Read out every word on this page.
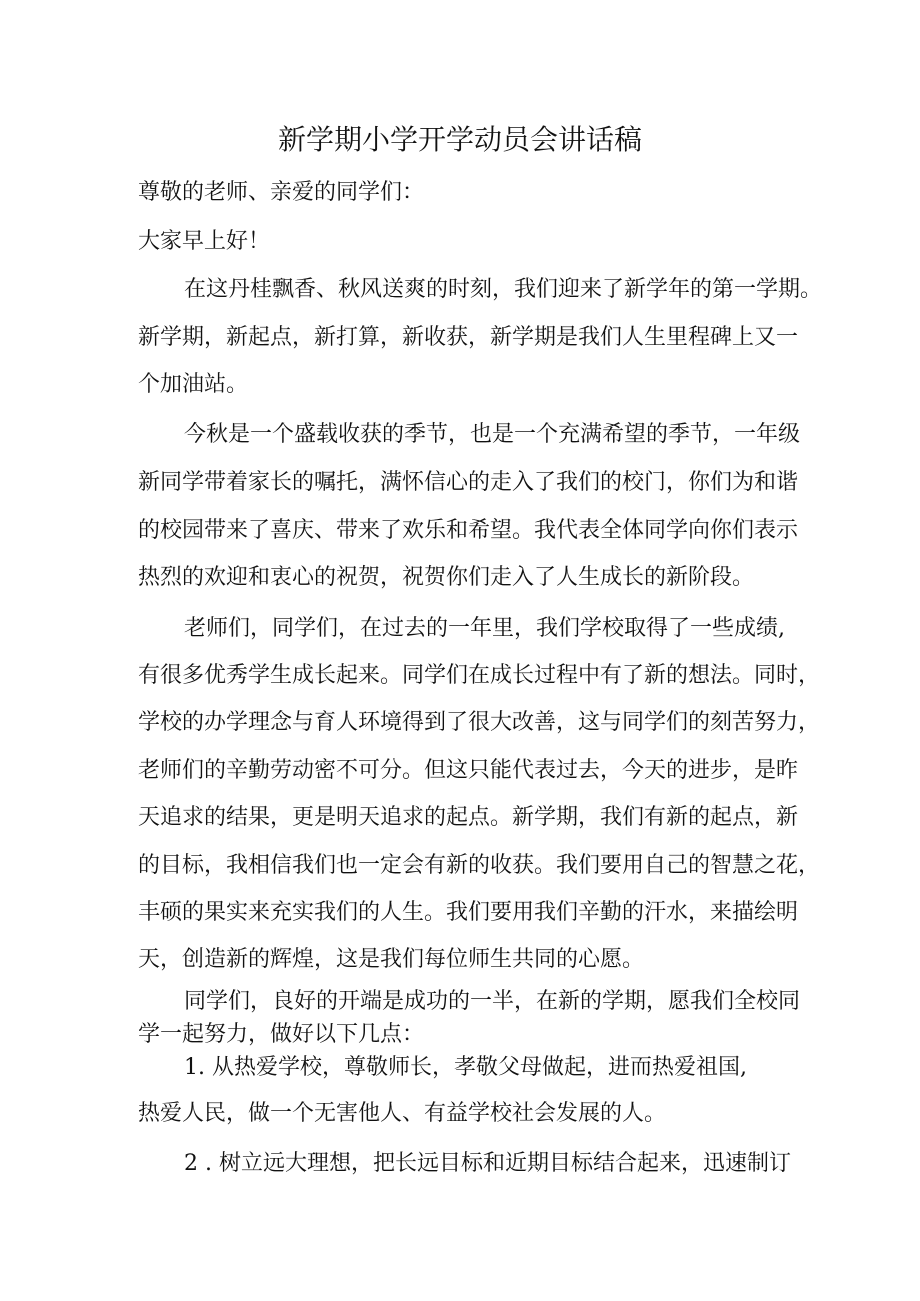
新学期小学开学动员会讲话稿
尊敬的老师、亲爱的同学们：
大家早上好！
在这丹桂飘香、秋风送爽的时刻，我们迎来了新学年的第一学期。
新学期，新起点，新打算，新收获，新学期是我们人生里程碑上又一
个加油站。
今秋是一个盛载收获的季节，也是一个充满希望的季节，一年级
新同学带着家长的嘱托，满怀信心的走入了我们的校门，你们为和谐
的校园带来了喜庆、带来了欢乐和希望。我代表全体同学向你们表示
热烈的欢迎和衷心的祝贺，祝贺你们走入了人生成长的新阶段。
老师们，同学们，在过去的一年里，我们学校取得了一些成绩,
有很多优秀学生成长起来。同学们在成长过程中有了新的想法。同时，
学校的办学理念与育人环境得到了很大改善，这与同学们的刻苦努力，
老师们的辛勤劳动密不可分。但这只能代表过去，今天的进步，是昨
天追求的结果，更是明天追求的起点。新学期，我们有新的起点，新
的目标，我相信我们也一定会有新的收获。我们要用自己的智慧之花，
丰硕的果实来充实我们的人生。我们要用我们辛勤的汗水，来描绘明
天，创造新的辉煌，这是我们每位师生共同的心愿。
同学们，良好的开端是成功的一半，在新的学期，愿我们全校同
学一起努力，做好以下几点：
1. 从热爱学校，尊敬师长，孝敬父母做起，进而热爱祖国,
热爱人民，做一个无害他人、有益学校社会发展的人。
2 . 树立远大理想，把长远目标和近期目标结合起来，迅速制订
